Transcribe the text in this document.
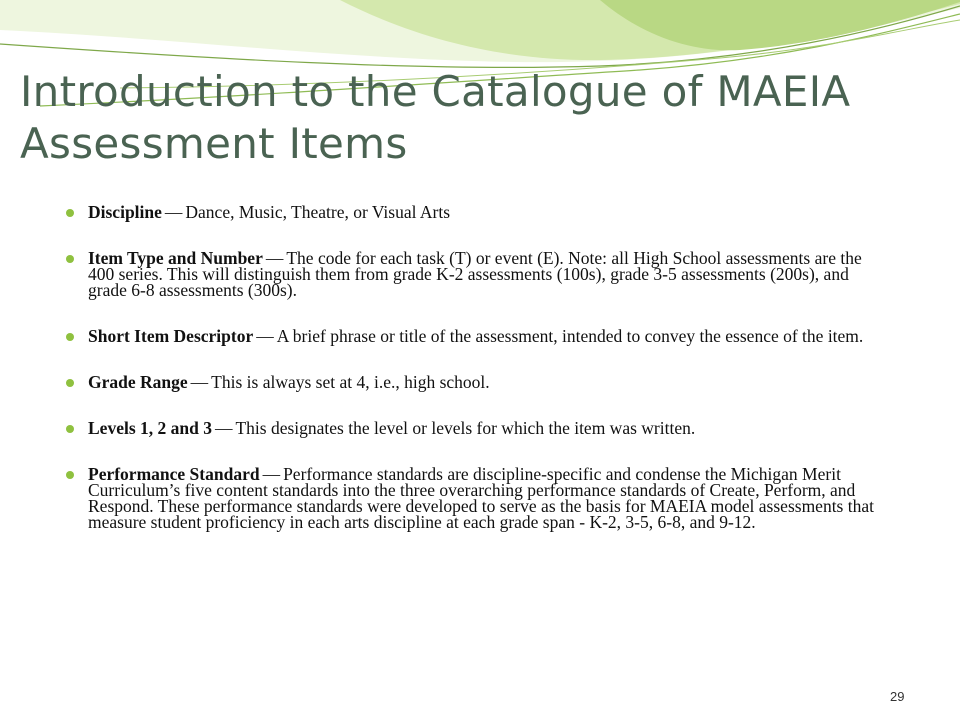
Introduction to the Catalogue of MAEIA
Assessment Items
Discipline — Dance, Music, Theatre, or Visual Arts
Item Type and Number — The code for each task (T) or event (E). Note: all High School assessments are the 400 series. This will distinguish them from grade K-2 assessments (100s), grade 3-5 assessments (200s), and grade 6-8 assessments (300s).
Short Item Descriptor — A brief phrase or title of the assessment, intended to convey the essence of the item.
Grade Range — This is always set at 4, i.e., high school.
Levels 1, 2 and 3 — This designates the level or levels for which the item was written.
Performance Standard — Performance standards are discipline-specific and condense the Michigan Merit Curriculum’s five content standards into the three overarching performance standards of Create, Perform, and Respond. These performance standards were developed to serve as the basis for MAEIA model assessments that measure student proficiency in each arts discipline at each grade span - K-2, 3-5, 6-8, and 9-12.
29
